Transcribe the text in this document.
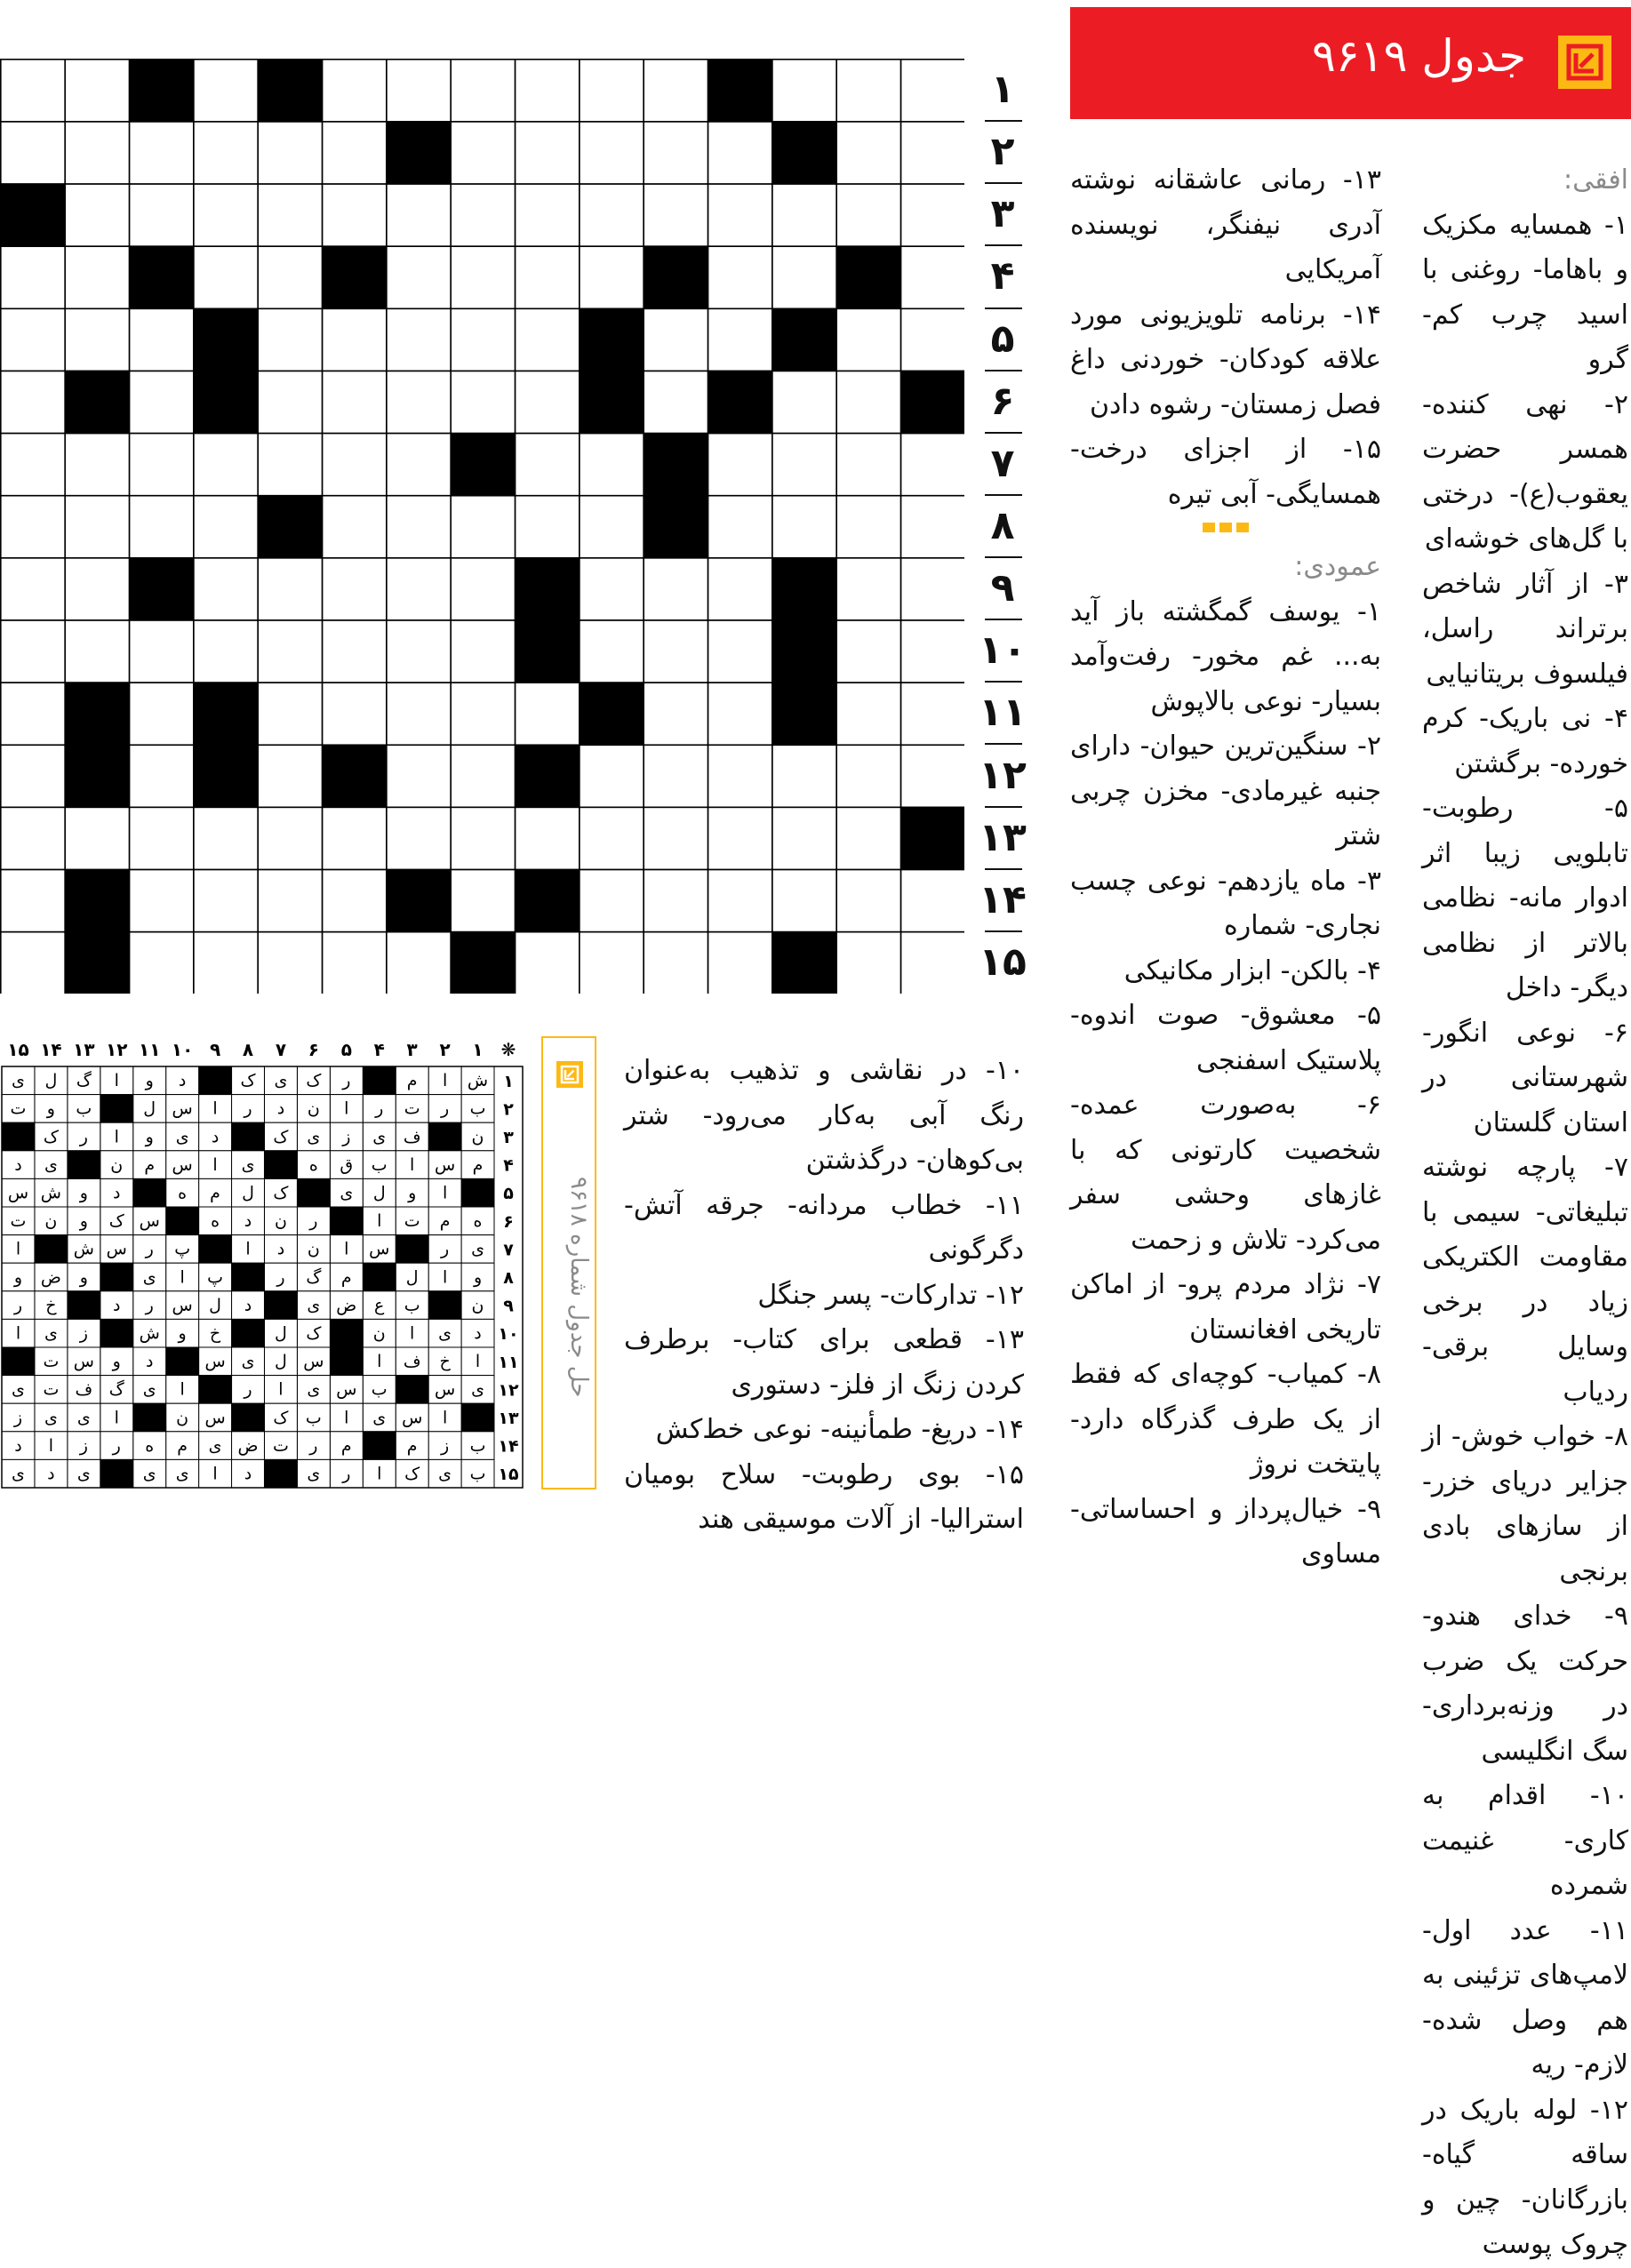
جدول ۹۶۱۹

افقی:

۱- همسایه مکزیک و باهاما- روغنی با اسید چرب کم- گرو

۲- نهی کننده- همسر حضرت یعقوب(ع)- درختی با گل‌های خوشه‌ای

۳- از آثار شاخص برتراند راسل، فیلسوف بریتانیایی

۴- نی باریک- کرم خورده- برگشتن

۵- رطوبت- تابلویی زیبا اثر ادوار مانه- نظامی بالاتر از نظامی دیگر- داخل

۶- نوعی انگور- شهرستانی در استان گلستان

۷- پارچه نوشته تبلیغاتی- سیمی با مقاومت الکتریکی زیاد در برخی وسایل برقی- ردیاب

۸- خواب خوش- از جزایر دریای خزر- از سازهای بادی برنجی

۹- خدای هندو- حرکت یک ضرب در وزنه‌برداری- سگ انگلیسی

۱۰- اقدام به کاری- غنیمت شمرده

۱۱- عدد اول- لامپ‌های تزئینی به هم وصل شده- لازم- ریه

۱۲- لوله باریک در ساقه گیاه- بازرگانان- چین و چروک پوست

۱۳- رمانی عاشقانه نوشته آدری نیفنگر، نویسنده آمریکایی

۱۴- برنامه تلویزیونی مورد علاقه کودکان- خوردنی داغ فصل زمستان- رشوه دادن

۱۵- از اجزای درخت- همسایگی- آبی تیره

عمودی:

۱- یوسف گمگشته باز آید به... غم مخور- رفت‌و‌آمد بسیار- نوعی بالاپوش

۲- سنگین‌ترین حیوان- دارای جنبه غیرمادی- مخزن چربی شتر

۳- ماه یازدهم- نوعی چسب نجاری- شماره

۴- بالکن- ابزار مکانیکی

۵- معشوق- صوت اندوه- پلاستیک اسفنجی

۶- به‌صورت عمده- شخصیت کارتونی که با غازهای وحشی سفر می‌کرد- تلاش و زحمت

۷- نژاد مردم پرو- از اماکن تاریخی افغانستان

۸- کمیاب- کوچه‌ای که فقط از یک طرف گذرگاه دارد- پایتخت نروژ

۹- خیال‌پرداز و احساساتی- مساوی

۱۰- در نقاشی و تذهیب به‌عنوان رنگ آبی به‌کار می‌رود- شتر بی‌کوهان- درگذشتن

۱۱- خطاب مردانه- جرقه آتش- دگرگونی

۱۲- تدارکات- پسر جنگل

۱۳- قطعی برای کتاب- برطرف کردن زنگ از فلز- دستوری

۱۴- دریغ- طمأنینه- نوعی خط‌کش

۱۵- بوی رطوبت- سلاح بومیان استرالیا- از آلات موسیقی هند

۱
۲
۳
۴
۵
۶
۷
۸
۹
۱۰
۱۱
۱۲
۱۳
۱۴
۱۵
حل جدول شماره ۹۶۱۸
۱
۲
۳
۴
۵
۶
۷
۸
۹
۱۰
۱۱
۱۲
۱۳
۱۴
۱۵	❋
۱
ش
ا
م
ر
ک
ی
ک
د
و
ا
گ
ل
ی
۲
ب
ر
ت
ر
ا
ن
د
ر
ا
س
ل
ب
و
ت
۳
ن
ف
ی
ز
ی
ک
د
ی
و
ا
ر
ک
۴
م
س
ا
ب
ق
ه
ی
ا
س
م
ن
ی
د
۵
ا
و
ل
ی
ک
ل
م
ه
د
و
ش
س
۶
ه
م
ت
ا
ر
ن
د
ه
س
ک
و
ن
ت
۷
ی
ر
س
ا
ن
د
ا
پ
ر
س
ش
ا
۸
و
ا
ل
م
گ
ر
پ
ا
ی
و
ض
و
۹
ن
ب
ع
ض
ی
د
ل
س
ر
د
خ
ر
۱۰
د
ی
ا
ن
ک
ل
خ
و
ش
ز
ی
ا
۱۱
ا
خ
ف
ا
س
ل
ی
س
د
و
س
ت
۱۲
ی
س
ب
س
ی
ا
ر
ا
ی
گ
ف
ت
ی
۱۳
ا
س
ی
ا
ب
ک
س
ن
ا
ی
ی
ز
۱۴
ب
ز
م
م
ر
ت
ض
ی
م
ه
ر
ز
ا
د
۱۵
ب
ی
ک
ا
ر
ی
د
ا
ی
ی
ی
د
ی
